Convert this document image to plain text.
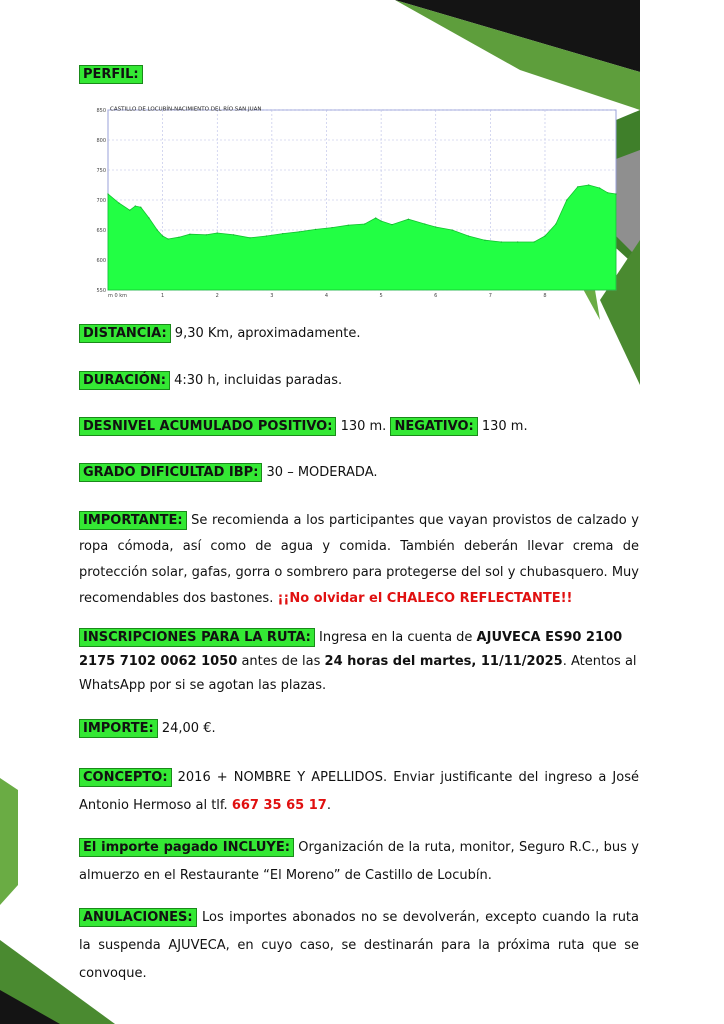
PERFIL:
550
600
650
700
750
800
850
m 0 km	1	2	3	4	5	6	7	8
CASTILLO DE LOCUBÍN-NACIMIENTO DEL RÍO SAN JUAN
DISTANCIA: 9,30 Km, aproximadamente.
DURACIÓN: 4:30 h, incluidas paradas.
DESNIVEL ACUMULADO POSITIVO: 130 m. NEGATIVO: 130 m.
GRADO DIFICULTAD IBP: 30 – MODERADA.
IMPORTANTE: Se recomienda a los participantes que vayan provistos de calzado y ropa cómoda, así como de agua y comida. También deberán llevar crema de protección solar, gafas, gorra o sombrero para protegerse del sol y chubasquero. Muy recomendables dos bastones. ¡¡No olvidar el CHALECO REFLECTANTE!!
INSCRIPCIONES PARA LA RUTA: Ingresa en la cuenta de AJUVECA ES90 2100 2175 7102 0062 1050 antes de las 24 horas del martes, 11/11/2025. Atentos al WhatsApp por si se agotan las plazas.
IMPORTE: 24,00 €.
CONCEPTO: 2016 + NOMBRE Y APELLIDOS. Enviar justificante del ingreso a José Antonio Hermoso al tlf. 667 35 65 17.
El importe pagado INCLUYE: Organización de la ruta, monitor, Seguro R.C., bus y almuerzo en el Restaurante “El Moreno” de Castillo de Locubín.
ANULACIONES: Los importes abonados no se devolverán, excepto cuando la ruta la suspenda AJUVECA, en cuyo caso, se destinarán para la próxima ruta que se convoque.
